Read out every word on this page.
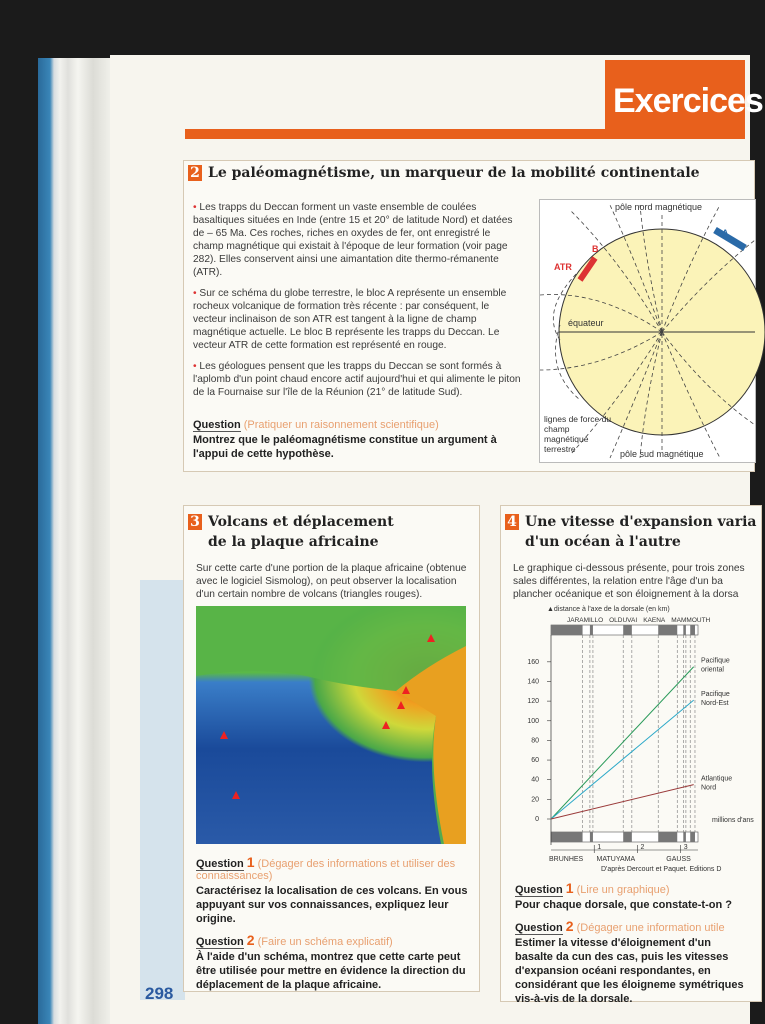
Exercices
2 Le paléomagnétisme, un marqueur de la mobilité continentale

• Les trapps du Deccan forment un vaste ensemble de coulées basaltiques situées en Inde (entre 15 et 20° de latitude Nord) et datées de – 65 Ma. Ces roches, riches en oxydes de fer, ont enregistré le champ magnétique qui existait à l'époque de leur formation (voir page 282). Elles conservent ainsi une aimantation dite thermo-rémanente (ATR).

• Sur ce schéma du globe terrestre, le bloc A représente un ensemble rocheux volcanique de formation très récente : par conséquent, le vecteur inclinaison de son ATR est tangent à la ligne de champ magnétique actuelle. Le bloc B représente les trapps du Deccan. Le vecteur ATR de cette formation est représenté en rouge.

• Les géologues pensent que les trapps du Deccan se sont formés à l'aplomb d'un point chaud encore actif aujourd'hui et qui alimente le piton de la Fournaise sur l'île de la Réunion (21° de latitude Sud).

Question (Pratiquer un raisonnement scientifique)
Montrez que le paléomagnétisme constitue un argument à l'appui de cette hypothèse.
pôle nord magnétique
pôle sud magnétique
équateur
ATR
B
A
lignes de force du champ magnétique terrestre
3 Volcans et déplacement
de la plaque africaine
Sur cette carte d'une portion de la plaque africaine (obtenue avec le logiciel Sismolog), on peut observer la localisation d'un certain nombre de volcans (triangles rouges).
Question 1 (Dégager des informations et utiliser des connaissances)
Caractérisez la localisation de ces volcans. En vous appuyant sur vos connaissances, expliquez leur origine.
Question 2 (Faire un schéma explicatif)
À l'aide d'un schéma, montrez que cette carte peut être utilisée pour mettre en évidence la direction du déplacement de la plaque africaine.
4 Une vitesse d'expansion varia
d'un océan à l'autre
Le graphique ci-dessous présente, pour trois zones sales différentes, la relation entre l'âge d'un ba plancher océanique et son éloignement à la dorsa
▲distance à l'axe de la dorsale (en km)
JARAMILLO OLDUVAI KAENA MAMMOUTH
0
20
40
60
80
100
120
140
160
1	2	3
BRUNHES MATUYAMA	GAUSS
millions d'ans
Pacifique
oriental
Pacifique
Nord-Est
Atlantique
Nord
D'après Dercourt et Paquet. Editions D
Question 1 (Lire un graphique)
Pour chaque dorsale, que constate-t-on ?
Question 2 (Dégager une information utile
Estimer la vitesse d'éloignement d'un basalte da cun des cas, puis les vitesses d'expansion océani respondantes, en considérant que les éloigneme symétriques vis-à-vis de la dorsale.
298
